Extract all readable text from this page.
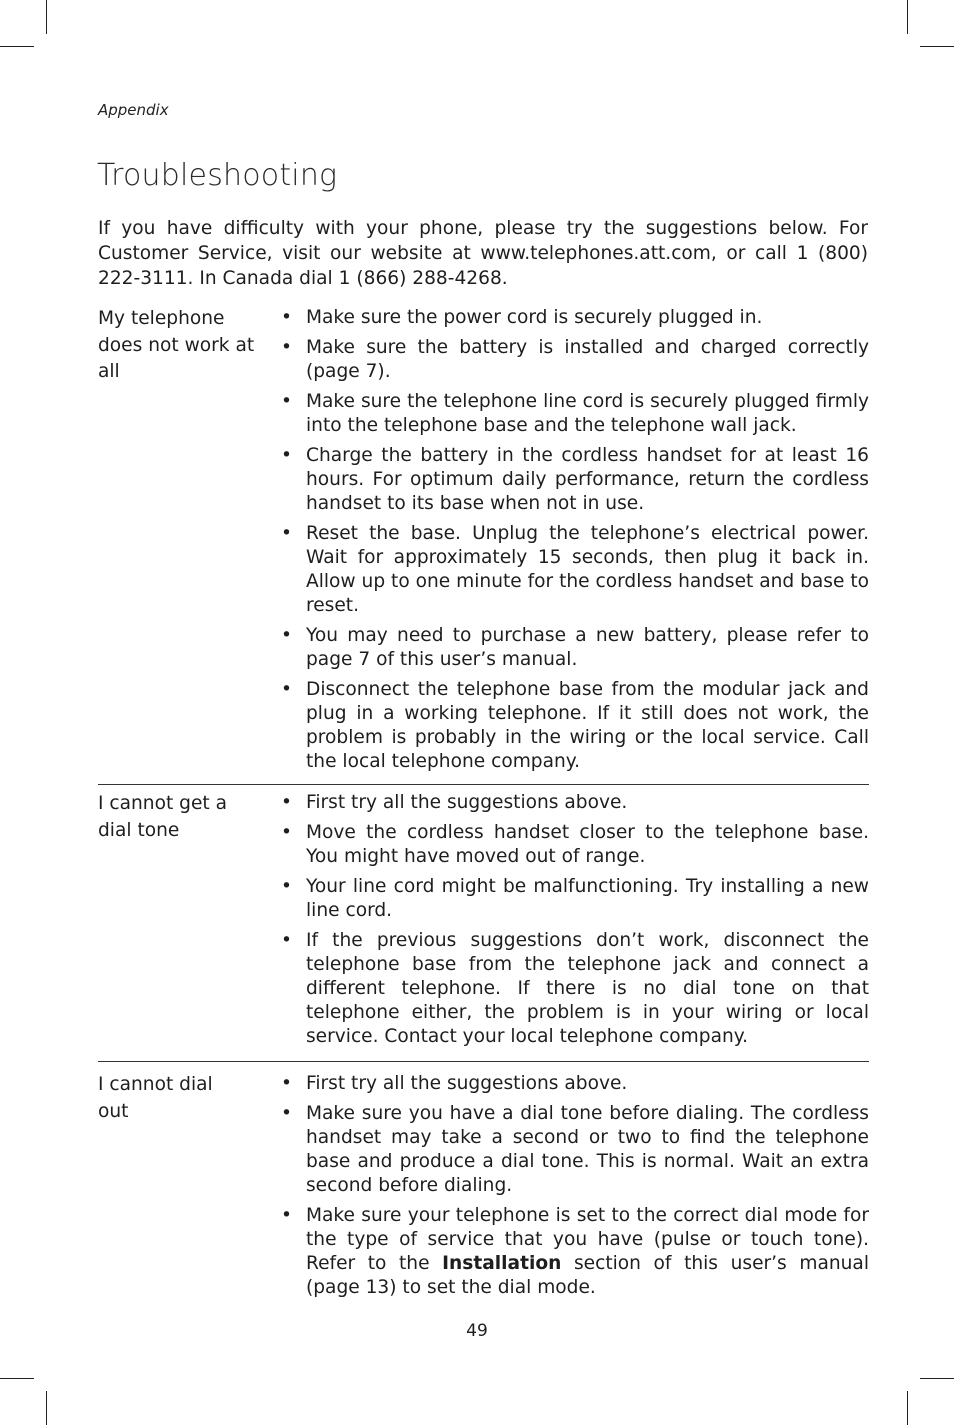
Appendix
Troubleshooting

If you have difficulty with your phone, please try the suggestions below. For Customer Service, visit our website at www.telephones.att.com, or call 1 (800) 222-3111. In Canada dial 1 (866) 288-4268.

My telephone does not work at all
• Make sure the power cord is securely plugged in.
• Make sure the battery is installed and charged correctly (page 7).
• Make sure the telephone line cord is securely plugged firmly into the telephone base and the telephone wall jack.
• Charge the battery in the cordless handset for at least 16 hours. For optimum daily performance, return the cordless handset to its base when not in use.
• Reset the base. Unplug the telephone’s electrical power. Wait for approximately 15 seconds, then plug it back in. Allow up to one minute for the cordless handset and base to reset.
• You may need to purchase a new battery, please refer to page 7 of this user’s manual.
• Disconnect the telephone base from the modular jack and plug in a working telephone. If it still does not work, the problem is probably in the wiring or the local service. Call the local telephone company.
I cannot get a dial tone
• First try all the suggestions above.
• Move the cordless handset closer to the telephone base. You might have moved out of range.
• Your line cord might be malfunctioning. Try installing a new line cord.
• If the previous suggestions don’t work, disconnect the telephone base from the telephone jack and connect a different telephone. If there is no dial tone on that telephone either, the problem is in your wiring or local service. Contact your local telephone company.
I cannot dial out
• First try all the suggestions above.
• Make sure you have a dial tone before dialing. The cordless handset may take a second or two to find the telephone base and produce a dial tone. This is normal. Wait an extra second before dialing.
• Make sure your telephone is set to the correct dial mode for the type of service that you have (pulse or touch tone). Refer to the Installation section of this user’s manual (page 13) to set the dial mode.
49
